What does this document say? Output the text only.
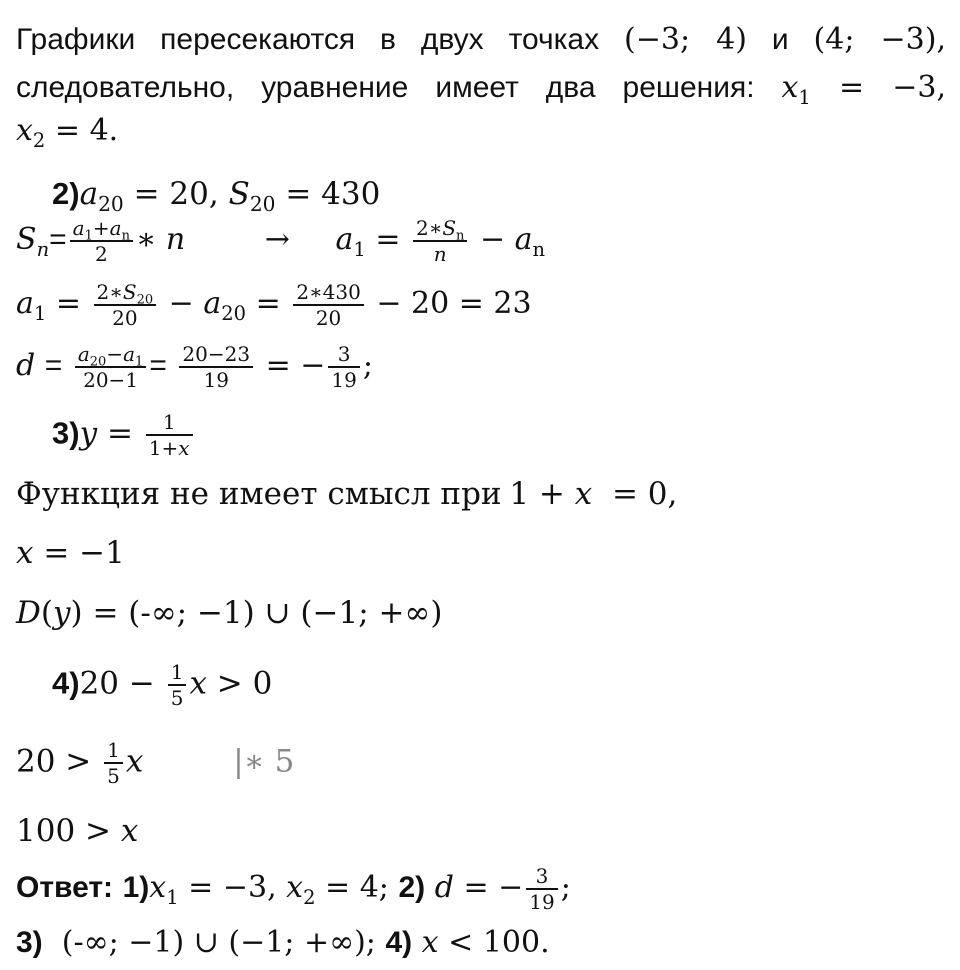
Графики пересекаются в двух точках (−3; 4) и (4; −3),
следовательно, уравнение имеет два решения: $x_1 = -3$,
$x_2 = 4$.
$2)a_{20} = 20$, $S_{20} = 430$
$S_n= \frac{a_1+a_n}{2}$ ∗ n	→ $a_1 = \frac{2∗S_n}{n} - a_n$
$a_1 = \frac{2∗S_{20}}{20} - a_{20} = \frac{2∗430}{20} - 20 = 23$
$d = \frac{a_{20}-a_1}{20-1} = \frac{20-23}{19}$ = − $\frac{3}{19}$ ;
$3)y = \frac{1}{1+x}$
Функция не имеет смысл при 1 + x = 0,
x = −1
D(y) = (-∞; −1) ∪ (−1; +∞)
$4)20 - \frac{1}{5}$ x > 0
$20 > \frac{1}{5}$ x	|∗ 5
100 > x
Ответ: $1)x_1 = -3$, $x_2 = 4$; 2) d = − $\frac{3}{19}$ ;
3) (-∞; −1) ∪ (−1; +∞); 4) x < 100.
